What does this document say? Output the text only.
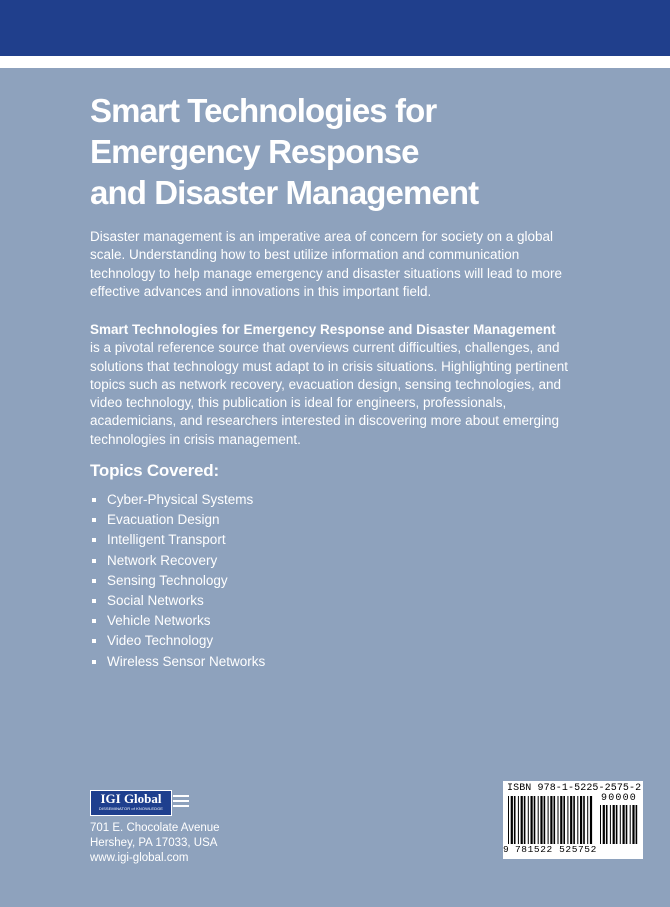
Smart Technologies for
Emergency Response
and Disaster Management

Disaster management is an imperative area of concern for society on a global scale. Understanding how to best utilize information and communication technology to help manage emergency and disaster situations will lead to more effective advances and innovations in this important field.

Smart Technologies for Emergency Response and Disaster Management
is a pivotal reference source that overviews current difficulties, challenges, and solutions that technology must adapt to in crisis situations. Highlighting pertinent topics such as network recovery, evacuation design, sensing technologies, and video technology, this publication is ideal for engineers, professionals, academicians, and researchers interested in discovering more about emerging technologies in crisis management.

Topics Covered:
Cyber-Physical Systems
Evacuation Design
Intelligent Transport
Network Recovery
Sensing Technology
Social Networks
Vehicle Networks
Video Technology
Wireless Sensor Networks
IGI Global
DISSEMINATOR of KNOWLEDGE

701 E. Chocolate Avenue
Hershey, PA 17033, USA
www.igi-global.com

ISBN 978-1-5225-2575-2
90000
9 781522 525752
